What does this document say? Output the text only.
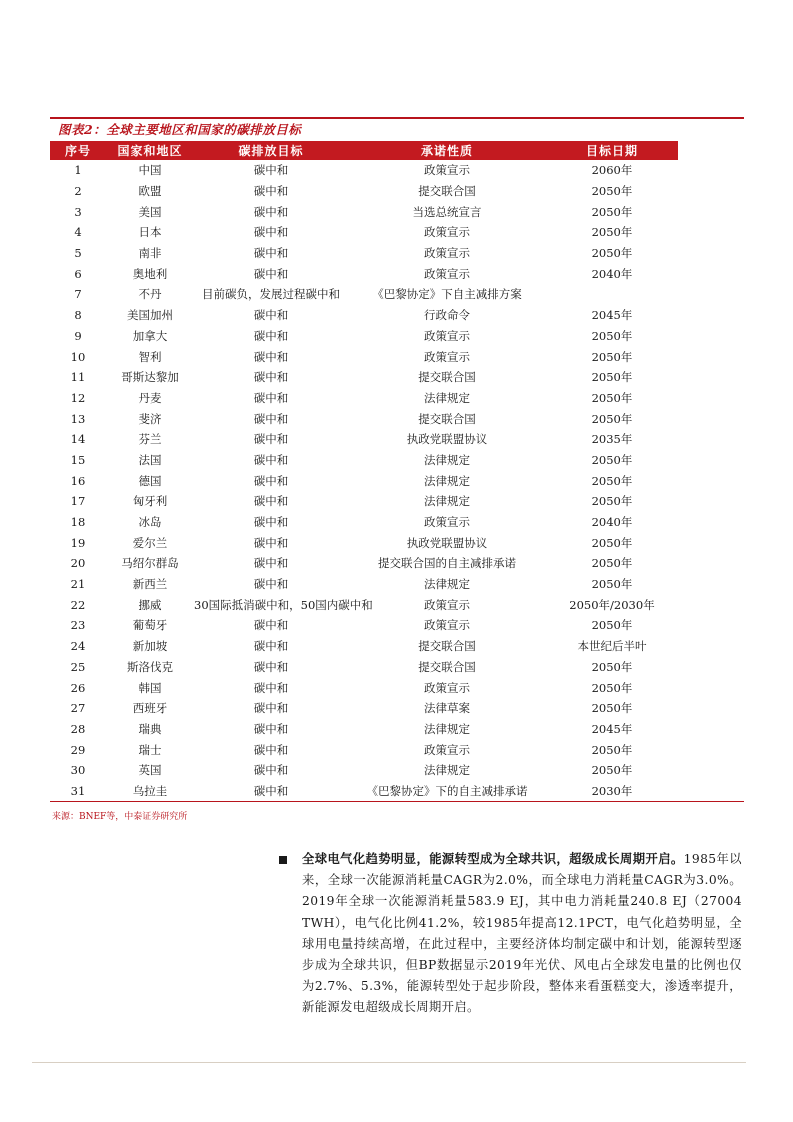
图表2：全球主要地区和国家的碳排放目标
序号	国家和地区	碳排放目标	承诺性质	目标日期	
1	中国	碳中和	政策宣示	2060年	
2	欧盟	碳中和	提交联合国	2050年	
3	美国	碳中和	当选总统宣言	2050年	
4	日本	碳中和	政策宣示	2050年	
5	南非	碳中和	政策宣示	2050年	
6	奥地利	碳中和	政策宣示	2040年	
7	不丹	目前碳负，发展过程碳中和	《巴黎协定》下自主减排方案		
8	美国加州	碳中和	行政命令	2045年	
9	加拿大	碳中和	政策宣示	2050年	
10	智利	碳中和	政策宣示	2050年	
11	哥斯达黎加	碳中和	提交联合国	2050年	
12	丹麦	碳中和	法律规定	2050年	
13	斐济	碳中和	提交联合国	2050年	
14	芬兰	碳中和	执政党联盟协议	2035年	
15	法国	碳中和	法律规定	2050年	
16	德国	碳中和	法律规定	2050年	
17	匈牙利	碳中和	法律规定	2050年	
18	冰岛	碳中和	政策宣示	2040年	
19	爱尔兰	碳中和	执政党联盟协议	2050年	
20	马绍尔群岛	碳中和	提交联合国的自主减排承诺	2050年	
21	新西兰	碳中和	法律规定	2050年	
22	挪威	30国际抵消碳中和，50国内碳中和	政策宣示	2050年/2030年	
23	葡萄牙	碳中和	政策宣示	2050年	
24	新加坡	碳中和	提交联合国	本世纪后半叶	
25	斯洛伐克	碳中和	提交联合国	2050年	
26	韩国	碳中和	政策宣示	2050年	
27	西班牙	碳中和	法律草案	2050年	
28	瑞典	碳中和	法律规定	2045年	
29	瑞士	碳中和	政策宣示	2050年	
30	英国	碳中和	法律规定	2050年	
31	乌拉圭	碳中和	《巴黎协定》下的自主减排承诺	2030年	
来源：BNEF等，中泰证券研究所
全球电气化趋势明显，能源转型成为全球共识，超级成长周期开启。1985年以来，全球一次能源消耗量CAGR为2.0%，而全球电力消耗量CAGR为3.0%。2019年全球一次能源消耗量583.9 EJ，其中电力消耗量240.8 EJ（27004 TWH），电气化比例41.2%，较1985年提高12.1PCT，电气化趋势明显，全球用电量持续高增，在此过程中，主要经济体均制定碳中和计划，能源转型逐步成为全球共识，但BP数据显示2019年光伏、风电占全球发电量的比例也仅为2.7%、5.3%，能源转型处于起步阶段，整体来看蛋糕变大，渗透率提升，新能源发电超级成长周期开启。
